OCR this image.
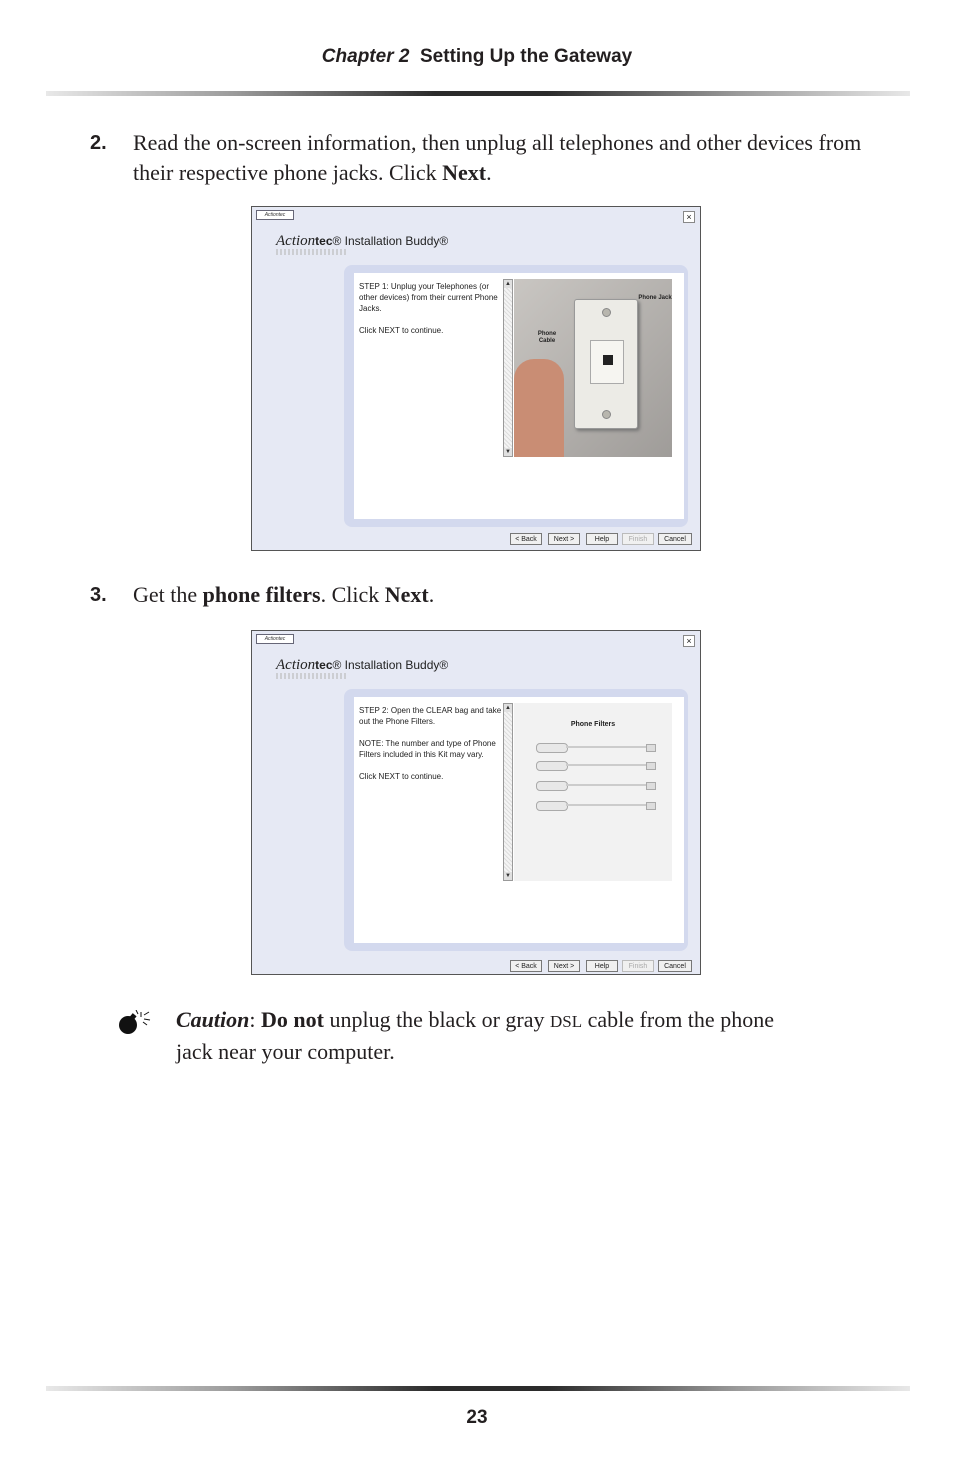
Chapter 2 Setting Up the Gateway
2. Read the on-screen information, then unplug all telephones and other devices from their respective phone jacks. Click Next.
Actiontec	×
Actiontec® Installation Buddy®

STEP 1: Unplug your Telephones (or other devices) from their current Phone Jacks.

Click NEXT to continue.

▲
▼
Phone Jack
Phone Cable
< Back	Next >	Help	Finish	Cancel
3. Get the phone filters. Click Next.
Actiontec	×
Actiontec® Installation Buddy®

STEP 2: Open the CLEAR bag and take out the Phone Filters.

NOTE: The number and type of Phone Filters included in this Kit may vary.

Click NEXT to continue.

▲
▼
Phone Filters
< Back	Next >	Help	Finish	Cancel
Caution: Do not unplug the black or gray DSL cable from the phone jack near your computer.
23
